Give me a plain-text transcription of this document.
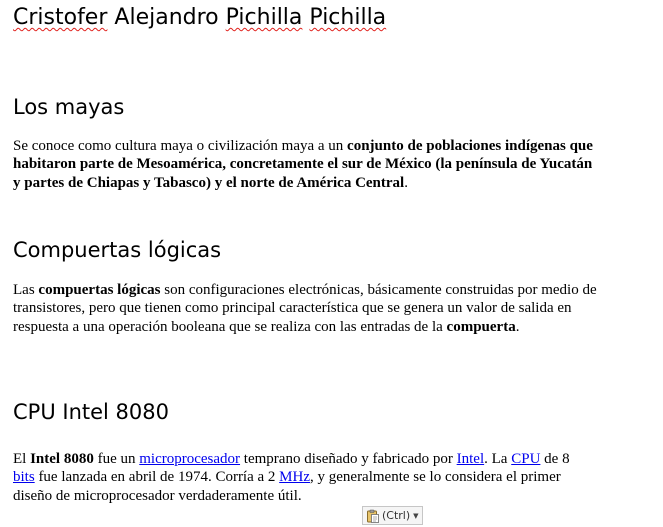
Cristofer Alejandro Pichilla Pichilla
Los mayas
Se conoce como cultura maya o civilización maya a un conjunto de poblaciones indígenas que habitaron parte de Mesoamérica, concretamente el sur de México (la península de Yucatán y partes de Chiapas y Tabasco) y el norte de América Central.
Compuertas lógicas
Las compuertas lógicas son configuraciones electrónicas, básicamente construidas por medio de transistores, pero que tienen como principal característica que se genera un valor de salida en respuesta a una operación booleana que se realiza con las entradas de la compuerta.
CPU Intel 8080
El Intel 8080 fue un microprocesador temprano diseñado y fabricado por Intel. La CPU de 8 bits fue lanzada en abril de 1974. Corría a 2 MHz, y generalmente se lo considera el primer diseño de microprocesador verdaderamente útil.
(Ctrl) ▼
